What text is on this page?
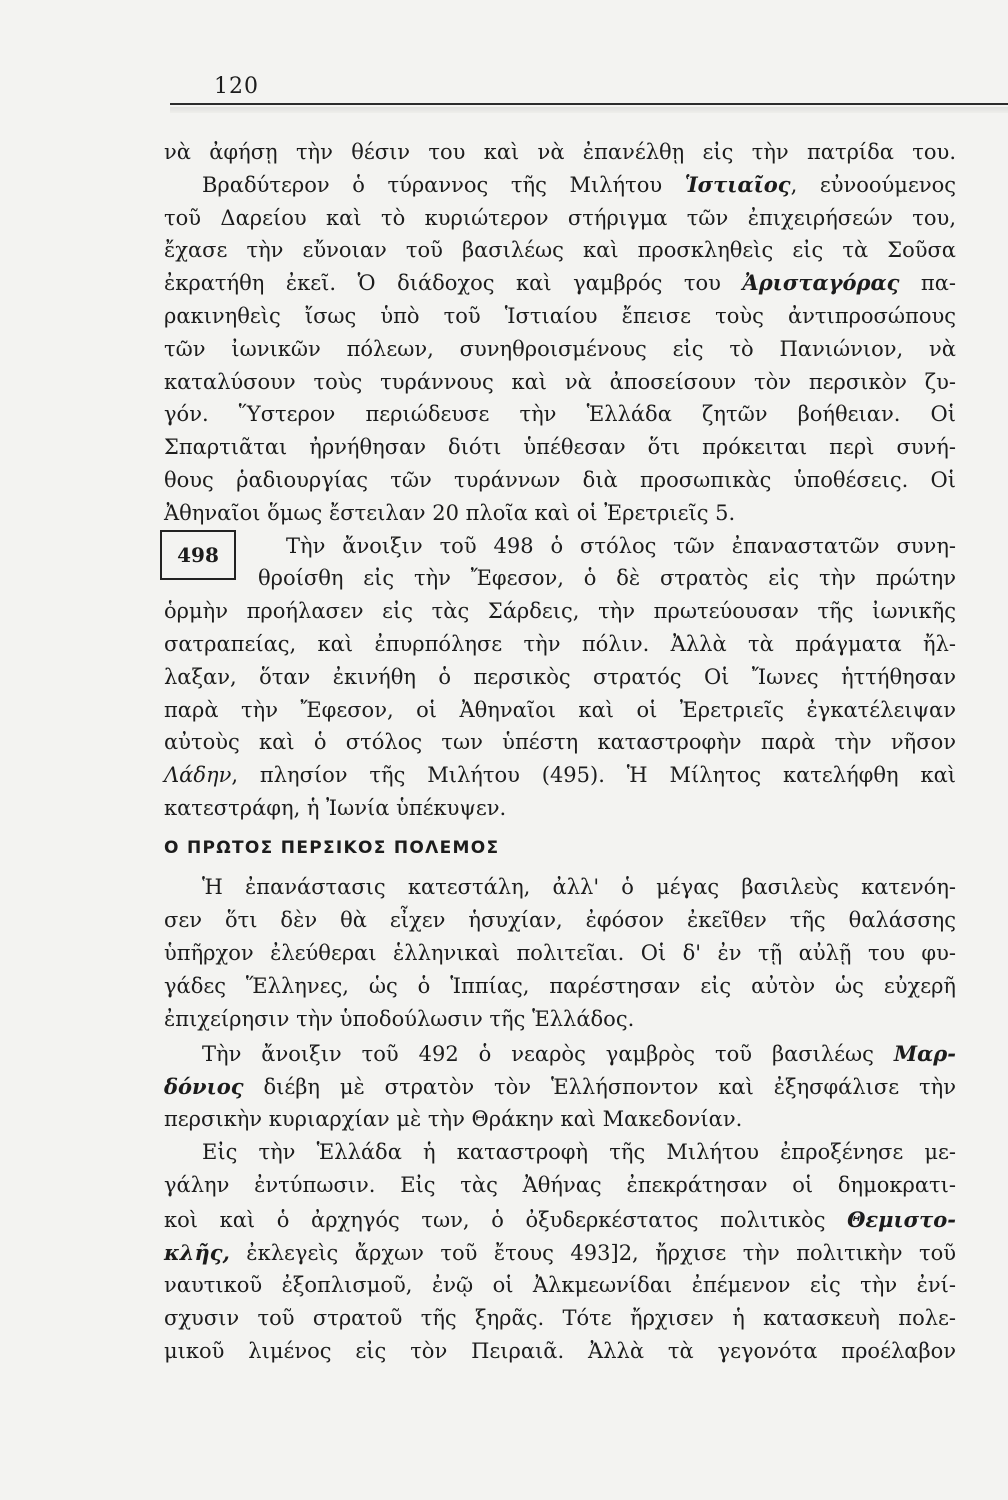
120
νὰ ἀφήσῃ τὴν θέσιν του καὶ νὰ ἐπανέλθῃ εἰς τὴν πατρίδα του.
Βραδύτερον ὁ τύραννος τῆς Μιλήτου Ἱστιαῖος, εὐνοούμενος
τοῦ Δαρείου καὶ τὸ κυριώτερον στήριγμα τῶν ἐπιχειρήσεών του,
ἔχασε τὴν εὔνοιαν τοῦ βασιλέως καὶ προσκληθεὶς εἰς τὰ Σοῦσα
ἐκρατήθη ἐκεῖ. Ὁ διάδοχος καὶ γαμβρός του Ἀρισταγόρας πα-
ρακινηθεὶς ἴσως ὑπὸ τοῦ Ἱστιαίου ἔπεισε τοὺς ἀντιπροσώπους
τῶν ἰωνικῶν πόλεων, συνηθροισμένους εἰς τὸ Πανιώνιον, νὰ
καταλύσουν τοὺς τυράννους καὶ νὰ ἀποσείσουν τὸν περσικὸν ζυ-
γόν. Ὕστερον περιώδευσε τὴν Ἑλλάδα ζητῶν βοήθειαν. Οἱ
Σπαρτιᾶται ἠρνήθησαν διότι ὑπέθεσαν ὅτι πρόκειται περὶ συνή-
θους ῥαδιουργίας τῶν τυράννων διὰ προσωπικὰς ὑποθέσεις. Οἱ
Ἀθηναῖοι ὅμως ἔστειλαν 20 πλοῖα καὶ οἱ Ἐρετριεῖς 5.
Τὴν ἄνοιξιν τοῦ 498 ὁ στόλος τῶν ἐπαναστατῶν συνη-
θροίσθη εἰς τὴν Ἔφεσον, ὁ δὲ στρατὸς εἰς τὴν πρώτην
ὁρμὴν προήλασεν εἰς τὰς Σάρδεις, τὴν πρωτεύουσαν τῆς ἰωνικῆς
σατραπείας, καὶ ἐπυρπόλησε τὴν πόλιν. Ἀλλὰ τὰ πράγματα ἤλ-
λαξαν, ὅταν ἐκινήθη ὁ περσικὸς στρατός Οἱ Ἴωνες ἡττήθησαν
παρὰ τὴν Ἔφεσον, οἱ Ἀθηναῖοι καὶ οἱ Ἐρετριεῖς ἐγκατέλειψαν
αὐτοὺς καὶ ὁ στόλος των ὑπέστη καταστροφὴν παρὰ τὴν νῆσον
Λάδην, πλησίον τῆς Μιλήτου (495). Ἡ Μίλητος κατελήφθη καὶ
κατεστράφη, ἡ Ἰωνία ὑπέκυψεν.
498
Ο ΠΡΩΤΟΣ ΠΕΡΣΙΚΟΣ ΠΟΛΕΜΟΣ
Ἡ ἐπανάστασις κατεστάλη, ἀλλ' ὁ μέγας βασιλεὺς κατενόη-
σεν ὅτι δὲν θὰ εἶχεν ἡσυχίαν, ἐφόσον ἐκεῖθεν τῆς θαλάσσης
ὑπῆρχον ἐλεύθεραι ἑλληνικαὶ πολιτεῖαι. Οἱ δ' ἐν τῇ αὐλῇ του φυ-
γάδες Ἕλληνες, ὡς ὁ Ἱππίας, παρέστησαν εἰς αὐτὸν ὡς εὐχερῆ
ἐπιχείρησιν τὴν ὑποδούλωσιν τῆς Ἑλλάδος.
Τὴν ἄνοιξιν τοῦ 492 ὁ νεαρὸς γαμβρὸς τοῦ βασιλέως Μαρ-
δόνιος διέβη μὲ στρατὸν τὸν Ἑλλήσποντον καὶ ἐξησφάλισε τὴν
περσικὴν κυριαρχίαν μὲ τὴν Θράκην καὶ Μακεδονίαν.
Εἰς τὴν Ἑλλάδα ἡ καταστροφὴ τῆς Μιλήτου ἐπροξένησε με-
γάλην ἐντύπωσιν. Εἰς τὰς Ἀθήνας ἐπεκράτησαν οἱ δημοκρατι-
κοὶ καὶ ὁ ἀρχηγός των, ὁ ὀξυδερκέστατος πολιτικὸς Θεμιστο-
κλῆς, ἐκλεγεὶς ἄρχων τοῦ ἔτους 493]2, ἤρχισε τὴν πολιτικὴν τοῦ
ναυτικοῦ ἐξοπλισμοῦ, ἐνῷ οἱ Ἀλκμεωνίδαι ἐπέμενον εἰς τὴν ἐνί-
σχυσιν τοῦ στρατοῦ τῆς ξηρᾶς. Τότε ἤρχισεν ἡ κατασκευὴ πολε-
μικοῦ λιμένος εἰς τὸν Πειραιᾶ. Ἀλλὰ τὰ γεγονότα προέλαβον
